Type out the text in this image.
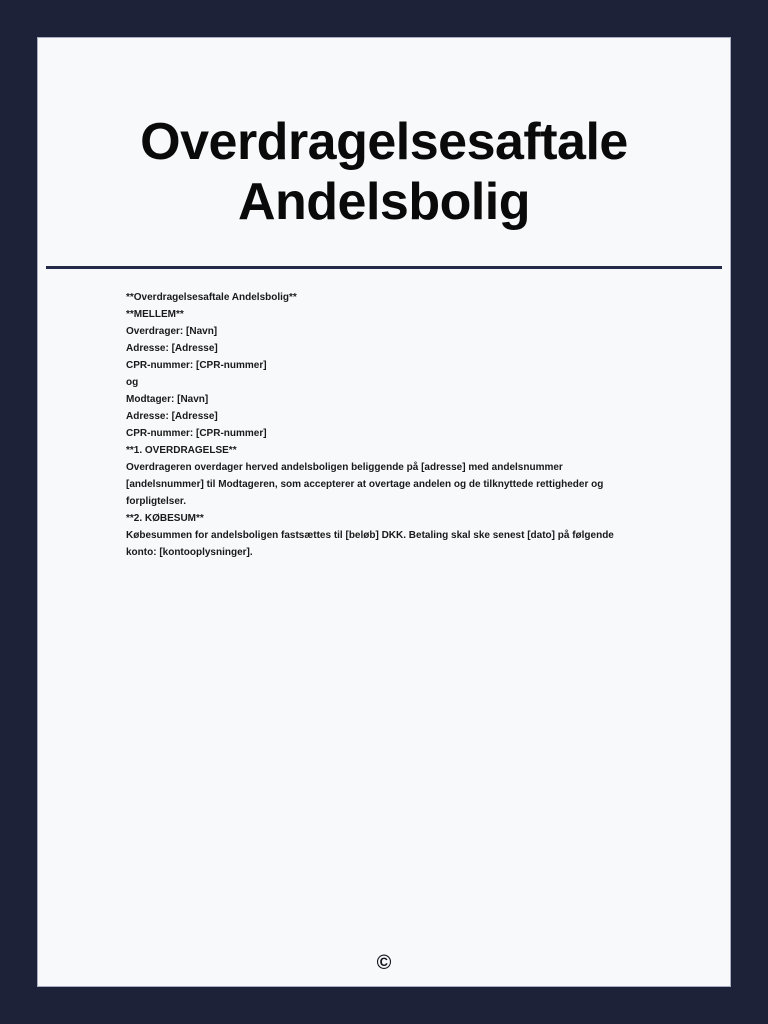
Overdragelsesaftale
Andelsbolig

**Overdragelsesaftale Andelsbolig**

**MELLEM**

Overdrager: [Navn]

Adresse: [Adresse]

CPR-nummer: [CPR-nummer]

og

Modtager: [Navn]

Adresse: [Adresse]

CPR-nummer: [CPR-nummer]

**1. OVERDRAGELSE**

Overdrageren overdager herved andelsboligen beliggende på [adresse] med andelsnummer [andelsnummer] til Modtageren, som accepterer at overtage andelen og de tilknyttede rettigheder og forpligtelser.

**2. KØBESUM**

Købesummen for andelsboligen fastsættes til [beløb] DKK. Betaling skal ske senest [dato] på følgende konto: [kontooplysninger].

©
